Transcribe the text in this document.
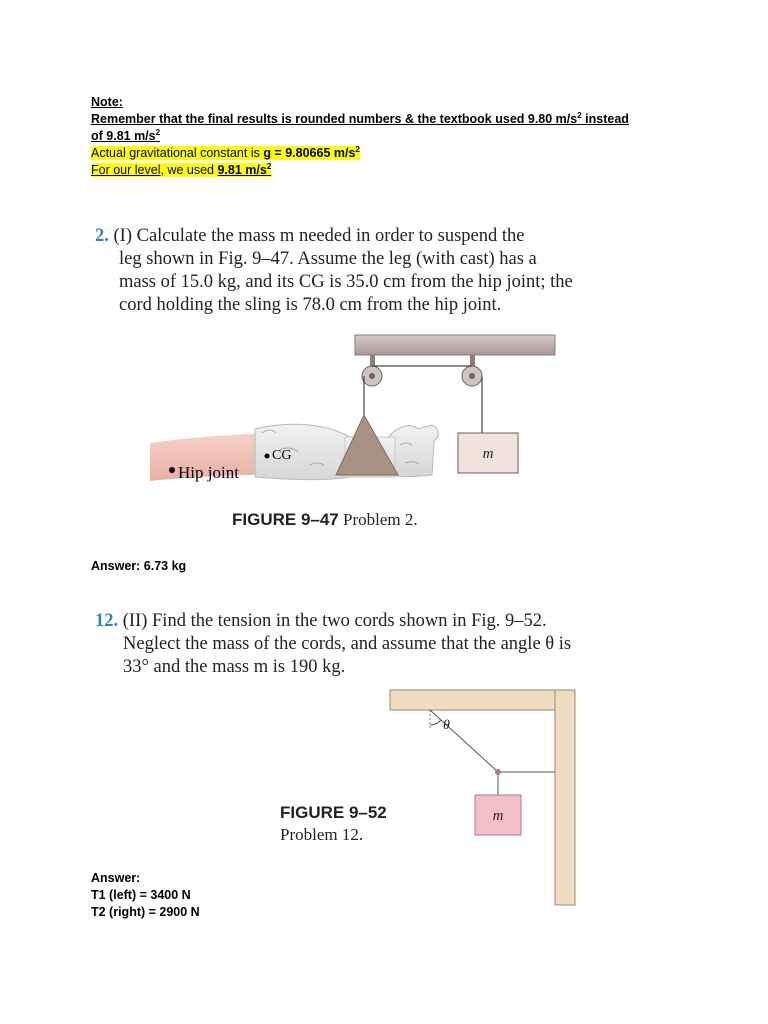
Note:
Remember that the final results is rounded numbers & the textbook used 9.80 $m/s^2$ instead
of 9.81 $m/s^2$
Actual gravitational constant is g = 9.80665 $m/s^2$
For our level, we used 9.81 $m/s^2$
2. (I) Calculate the mass m needed in order to suspend the
leg shown in Fig. 9–47. Assume the leg (with cast) has a
mass of 15.0 kg, and its CG is 35.0 cm from the hip joint; the
cord holding the sling is 78.0 cm from the hip joint.
m
CG
Hip joint
FIGURE 9–47 Problem 2.
Answer: 6.73 kg
12. (II) Find the tension in the two cords shown in Fig. 9–52.
Neglect the mass of the cords, and assume that the angle θ is
33° and the mass m is 190 kg.
θ
m
FIGURE 9–52
Problem 12.
Answer:
T1 (left) = 3400 N
T2 (right) = 2900 N
